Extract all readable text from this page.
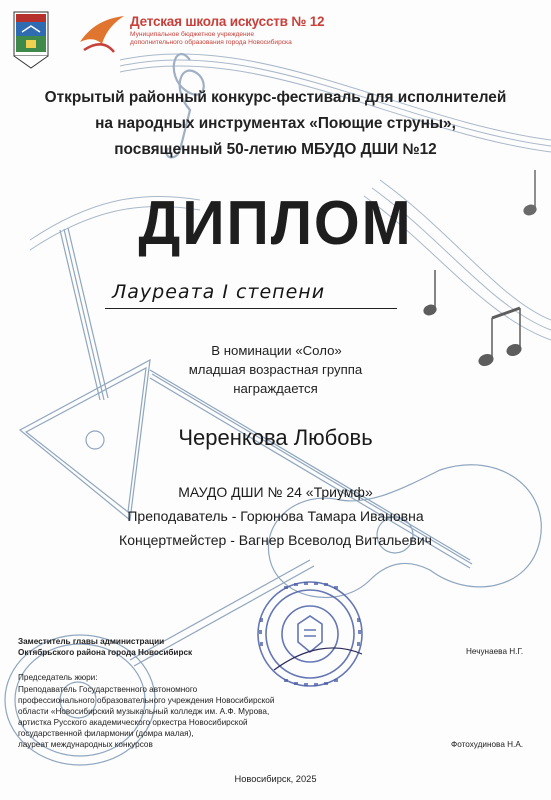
Детская школа искусств № 12
Муниципальное бюджетное учреждение
дополнительного образования города Новосибирска
Открытый районный конкурс-фестиваль для исполнителей
на народных инструментах «Поющие струны»,
посвященный 50-летию МБУДО ДШИ №12
ДИПЛОМ
Лауреата I степени
В номинации «Соло»
младшая возрастная группа
награждается
Черенкова Любовь
МАУДО ДШИ № 24 «Триумф»
Преподаватель - Горюнова Тамара Ивановна
Концертмейстер - Вагнер Всеволод Витальевич
Заместитель главы администрации
Октябрьского района города Новосибирск	Нечунаева Н.Г.
Председатель жюри:
Преподаватель Государственного автономного
профессионального образовательного учреждения Новосибирской
области «Новосибирский музыкальный колледж им. А.Ф. Мурова,
артистка Русского академического оркестра Новосибирской
государственной филармонии (домра малая),
лауреат международных конкурсов	Фотохудинова Н.А.
Новосибирск, 2025
